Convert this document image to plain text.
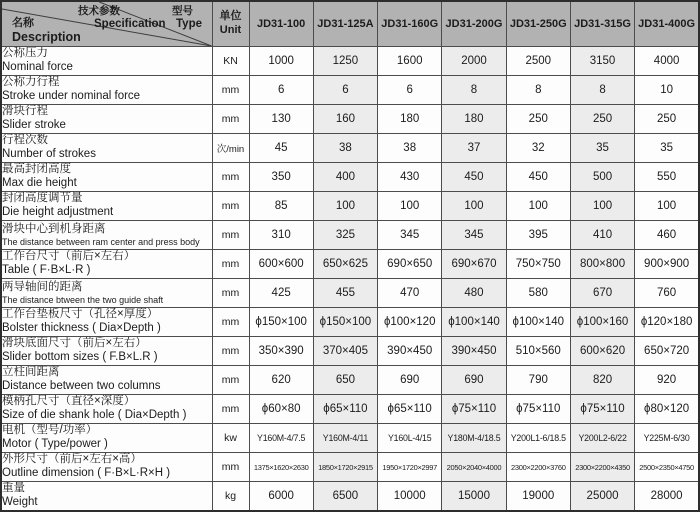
技术参数
Specification
型号
Type
名称
Description

单位
Unit	JD31-100	JD31-125A	JD31-160G	JD31-200G	JD31-250G	JD31-315G	JD31-400G

公称压力
Nominal force	KN	1000	1250	1600	2000	2500	3150	4000

公称力行程
Stroke under nominal force	mm	6	6	6	8	8	8	10

滑块行程
Slider stroke	mm	130	160	180	180	250	250	250

行程次数
Number of strokes	次/min	45	38	38	37	32	35	35

最高封闭高度
Max die height	mm	350	400	430	450	450	500	550

封闭高度调节量
Die height adjustment	mm	85	100	100	100	100	100	100

滑块中心到机身距离
The distance between ram center and press body	mm	310	325	345	345	395	410	460

工作台尺寸（前后×左右）
Table ( F·B×L·R )	mm	600×600	650×625	690×650	690×670	750×750	800×800	900×900

两导轴间的距离
The distance btween the two guide shaft	mm	425	455	470	480	580	670	760

工作台垫板尺寸（孔径×厚度）
Bolster thickness ( Dia×Depth )	mm	ϕ150×100	ϕ150×100	ϕ100×120	ϕ100×140	ϕ100×140	ϕ100×160	ϕ120×180

滑块底面尺寸（前后×左右）
Slider bottom sizes ( F.B×L.R )	mm	350×390	370×405	390×450	390×450	510×560	600×620	650×720

立柱间距离
Distance between two columns	mm	620	650	690	690	790	820	920

模柄孔尺寸（直径×深度）
Size of die shank hole ( Dia×Depth )	mm	ϕ60×80	ϕ65×110	ϕ65×110	ϕ75×110	ϕ75×110	ϕ75×110	ϕ80×120

电机（型号/功率）
Motor ( Type/power )	kw	Y160M-4/7.5	Y160M-4/11	Y160L-4/15	Y180M-4/18.5	Y200L1-6/18.5	Y200L2-6/22	Y225M-6/30

外形尺寸（前后×左右×高）
Outline dimension ( F·B×L·R×H )	mm	1375×1620×2630	1850×1720×2915	1950×1720×2997	2050×2040×4000	2300×2200×3760	2300×2200×4350	2500×2350×4750

重量
Weight	kg	6000	6500	10000	15000	19000	25000	28000
